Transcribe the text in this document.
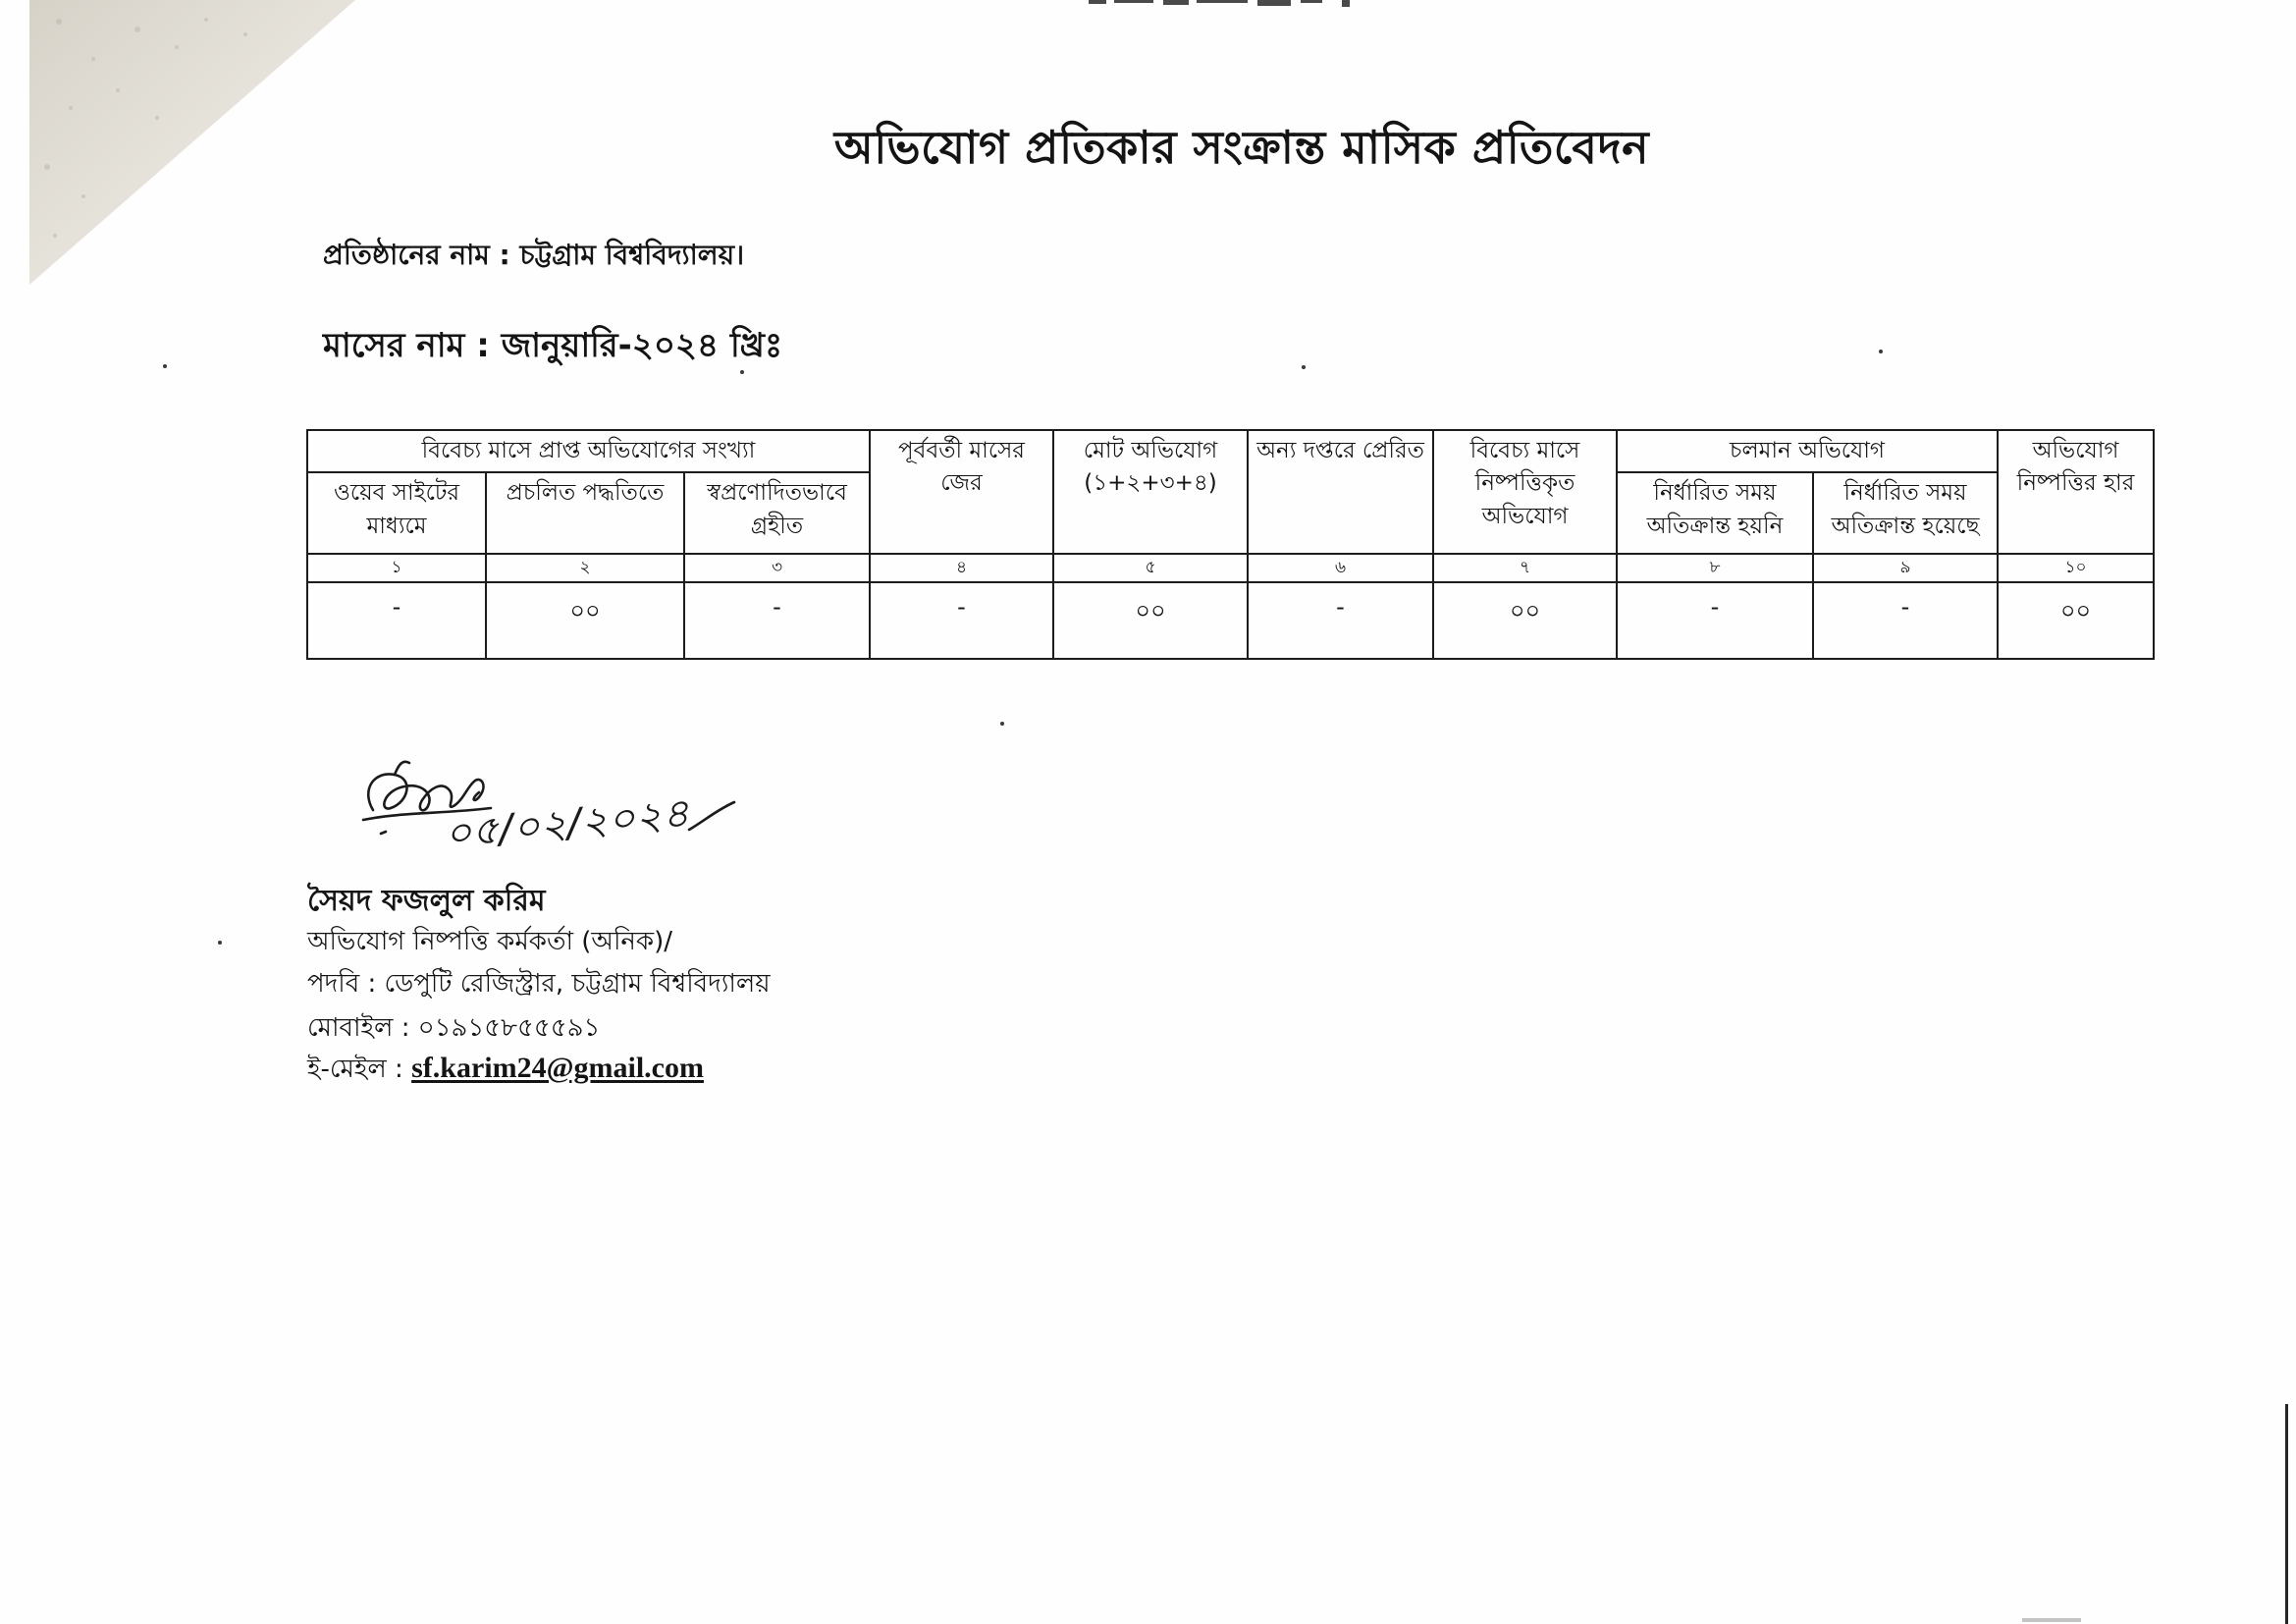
অভিযোগ প্রতিকার সংক্রান্ত মাসিক প্রতিবেদন
প্রতিষ্ঠানের নাম : চট্টগ্রাম বিশ্ববিদ্যালয়।
মাসের নাম : জানুয়ারি-২০২৪ খ্রিঃ
বিবেচ্য মাসে প্রাপ্ত অভিযোগের সংখ্যা			পূর্ববর্তী মাসের জের	মোট অভিযোগ (১+২+৩+৪)	অন্য দপ্তরে প্রেরিত	বিবেচ্য মাসে নিষ্পত্তিকৃত অভিযোগ	চলমান অভিযোগ		অভিযোগ নিষ্পত্তির হার
ওয়েব সাইটের মাধ্যমে	প্রচলিত পদ্ধতিতে	স্বপ্রণোদিতভাবে গ্রহীত					নির্ধারিত সময় অতিক্রান্ত হয়নি	নির্ধারিত সময় অতিক্রান্ত হয়েছে	
১	২	৩	৪	৫	৬	৭	৮	৯	১০
-	০০	-	-	০০	-	০০	-	-	০০
০৫/০২/২০২৪
সৈয়দ ফজলুল করিম
অভিযোগ নিষ্পত্তি কর্মকর্তা (অনিক)/
পদবি : ডেপুটি রেজিস্ট্রার, চট্টগ্রাম বিশ্ববিদ্যালয়
মোবাইল : ০১৯১৫৮৫৫৫৯১
ই-মেইল : sf.karim24@gmail.com
